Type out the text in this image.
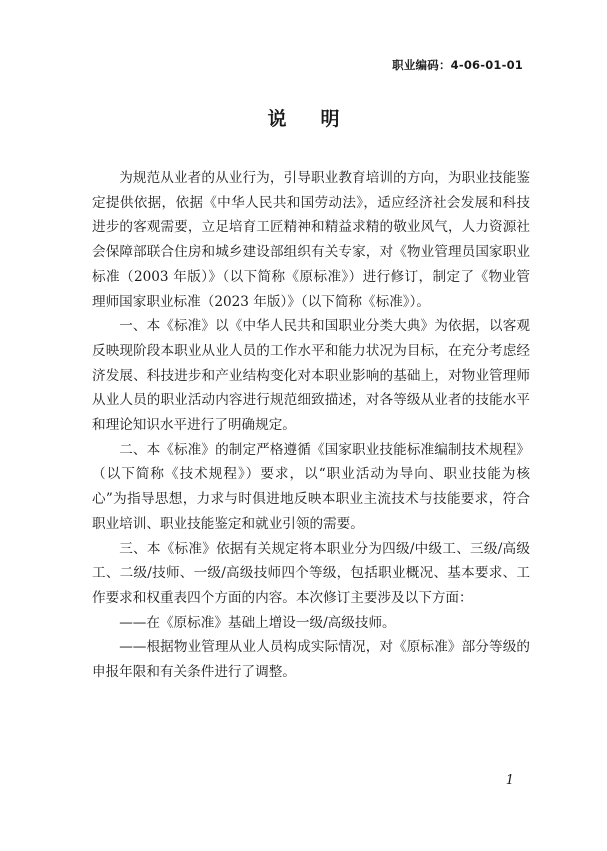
职业编码：4-06-01-01
说明

为规范从业者的从业行为，引导职业教育培训的方向，为职业技能鉴定提供依据，依据《中华人民共和国劳动法》，适应经济社会发展和科技进步的客观需要，立足培育工匠精神和精益求精的敬业风气，人力资源社会保障部联合住房和城乡建设部组织有关专家，对《物业管理员国家职业标准（2003 年版）》（以下简称《原标准》）进行修订，制定了《物业管理师国家职业标准（2023 年版）》（以下简称《标准》）。

一、本《标准》以《中华人民共和国职业分类大典》为依据，以客观反映现阶段本职业从业人员的工作水平和能力状况为目标，在充分考虑经济发展、科技进步和产业结构变化对本职业影响的基础上，对物业管理师从业人员的职业活动内容进行规范细致描述，对各等级从业者的技能水平和理论知识水平进行了明确规定。

二、本《标准》的制定严格遵循《国家职业技能标准编制技术规程》（以下简称《技术规程》）要求，以“职业活动为导向、职业技能为核心”为指导思想，力求与时俱进地反映本职业主流技术与技能要求，符合职业培训、职业技能鉴定和就业引领的需要。

三、本《标准》依据有关规定将本职业分为四级/中级工、三级/高级工、二级/技师、一级/高级技师四个等级，包括职业概况、基本要求、工作要求和权重表四个方面的内容。本次修订主要涉及以下方面：

——在《原标准》基础上增设一级/高级技师。

——根据物业管理从业人员构成实际情况，对《原标准》部分等级的申报年限和有关条件进行了调整。

1
